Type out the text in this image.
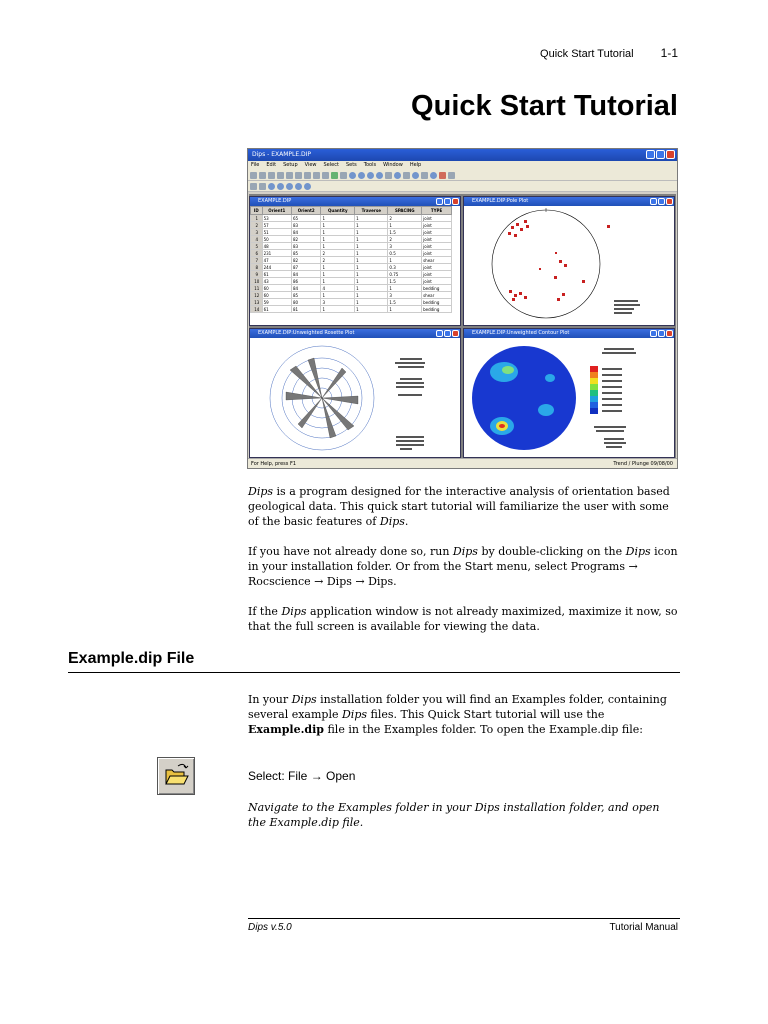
Quick Start Tutorial 1-1
Quick Start Tutorial
Dips - EXAMPLE.DIP
File Edit Setup View Select Sets Tools Window Help
EXAMPLE.DIP
ID	Orient1	Orient2	Quantity	Traverse	SPACING	TYPE
1	53	65	1	1	2	joint
2	57	83	1	1	1	joint
3	51	84	1	1	1.5	joint
4	50	82	1	1	2	joint
5	48	83	1	1	3	joint
6	231	85	2	1	0.5	joint
7	47	82	2	1	1	shear
8	244	87	1	1	0.3	joint
9	61	84	1	1	0.75	joint
10	43	86	1	1	1.5	joint
11	60	84	4	1	1	bedding
12	60	85	1	1	3	shear
13	59	80	3	1	1.5	bedding
14	61	81	1	1	1	bedding
EXAMPLE.DIP:Pole Plot
EXAMPLE.DIP:Unweighted Rosette Plot	EXAMPLE.DIP:Unweighted Contour Plot
For Help, press F1	Trend / Plunge 09/08/00

Dips is a program designed for the interactive analysis of orientation based geological data. This quick start tutorial will familiarize the user with some of the basic features of Dips.

If you have not already done so, run Dips by double-clicking on the Dips icon in your installation folder. Or from the Start menu, select Programs → Rocscience → Dips → Dips.

If the Dips application window is not already maximized, maximize it now, so that the full screen is available for viewing the data.

Example.dip File

In your Dips installation folder you will find an Examples folder, containing several example Dips files. This Quick Start tutorial will use the Example.dip file in the Examples folder. To open the Example.dip file:

Select: File → Open

Navigate to the Examples folder in your Dips installation folder, and open the Example.dip file.

Dips v.5.0	Tutorial Manual
